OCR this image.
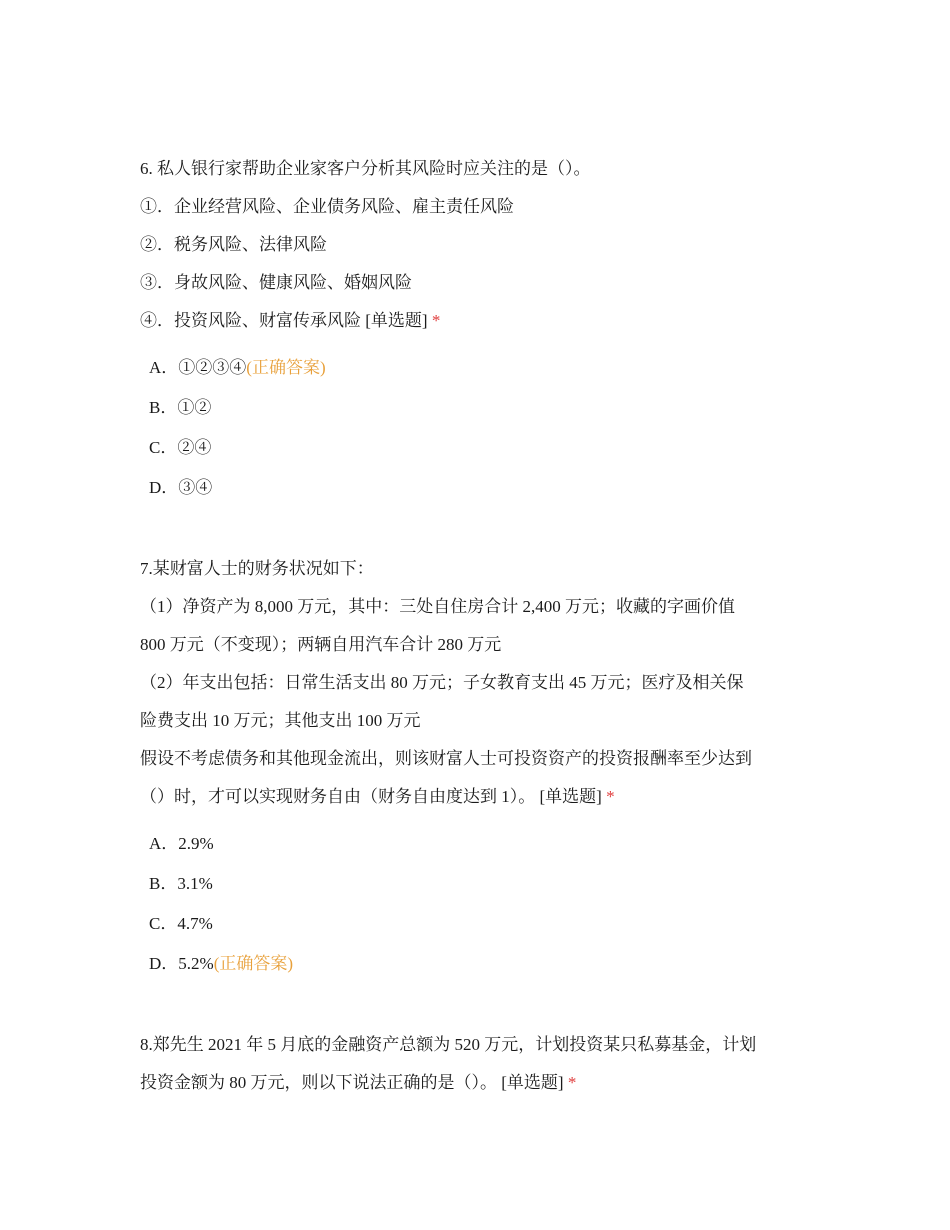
6. 私人银行家帮助企业家客户分析其风险时应关注的是（）。
①．企业经营风险、企业债务风险、雇主责任风险
②．税务风险、法律风险
③．身故风险、健康风险、婚姻风险
④．投资风险、财富传承风险 [单选题] *
A．①②③④(正确答案)
B．①②
C．②④
D．③④
7.某财富人士的财务状况如下：
（1）净资产为 8,000 万元，其中：三处自住房合计 2,400 万元；收藏的字画价值
800 万元（不变现）；两辆自用汽车合计 280 万元
（2）年支出包括：日常生活支出 80 万元；子女教育支出 45 万元；医疗及相关保
险费支出 10 万元；其他支出 100 万元
假设不考虑债务和其他现金流出，则该财富人士可投资资产的投资报酬率至少达到
（）时，才可以实现财务自由（财务自由度达到 1）。 [单选题] *
A．2.9%
B．3.1%
C．4.7%
D．5.2%(正确答案)
8.郑先生 2021 年 5 月底的金融资产总额为 520 万元，计划投资某只私募基金，计划
投资金额为 80 万元，则以下说法正确的是（）。 [单选题] *
